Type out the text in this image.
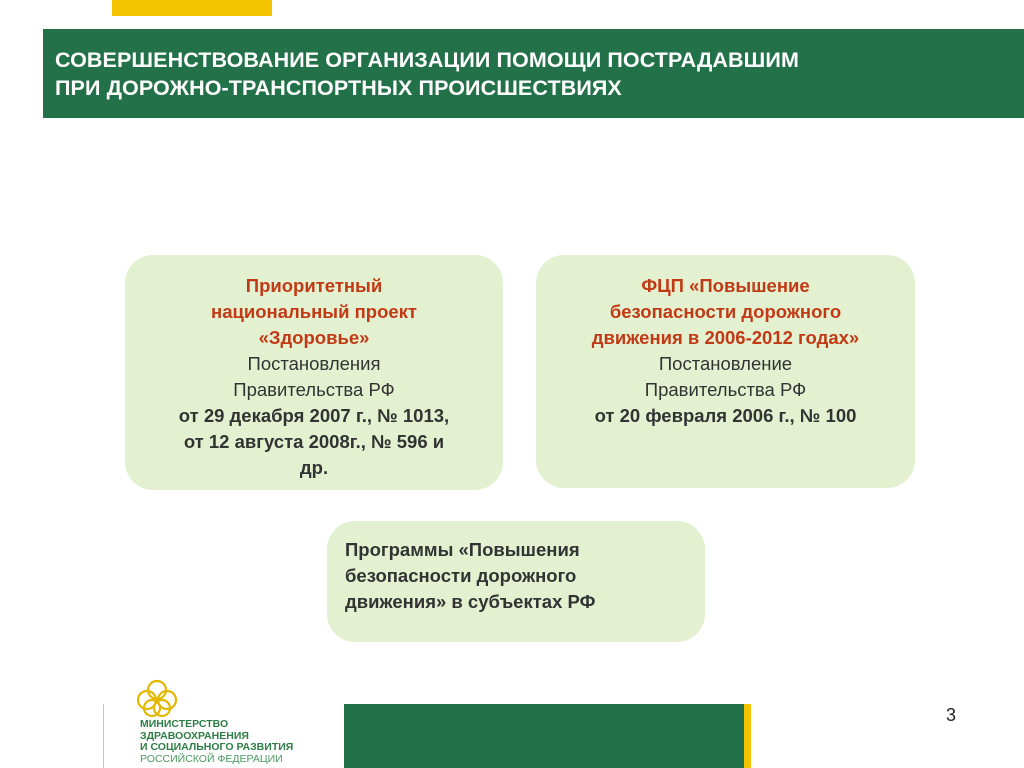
СОВЕРШЕНСТВОВАНИЕ ОРГАНИЗАЦИИ ПОМОЩИ ПОСТРАДАВШИМ
ПРИ ДОРОЖНО-ТРАНСПОРТНЫХ ПРОИСШЕСТВИЯХ
Приоритетный
национальный проект
«Здоровье»
Постановления
Правительства РФ
от 29 декабря 2007 г., № 1013,
от 12 августа 2008г., № 596 и
др.
ФЦП «Повышение
безопасности дорожного
движения в 2006-2012 годах»
Постановление
Правительства РФ
от 20 февраля 2006 г., № 100
Программы «Повышения
безопасности дорожного
движения» в субъектах РФ
МИНИСТЕРСТВО
ЗДРАВООХРАНЕНИЯ
И СОЦИАЛЬНОГО РАЗВИТИЯ
РОССИЙСКОЙ ФЕДЕРАЦИИ
3
